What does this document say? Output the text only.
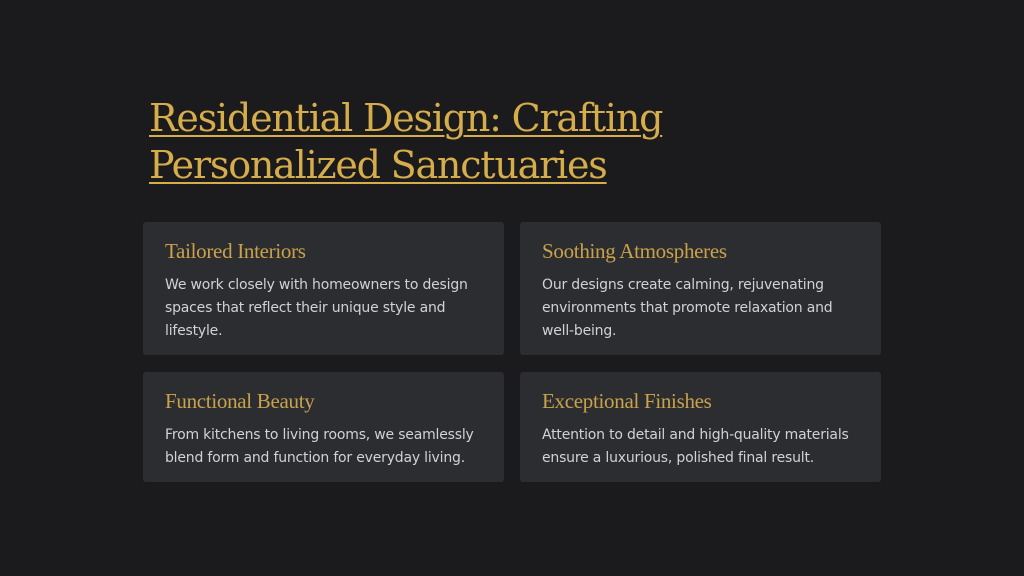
Residential Design: Crafting Personalized Sanctuaries
Tailored Interiors

We work closely with homeowners to design spaces that reflect their unique style and lifestyle.

Soothing Atmospheres

Our designs create calming, rejuvenating environments that promote relaxation and well-being.

Functional Beauty

From kitchens to living rooms, we seamlessly blend form and function for everyday living.

Exceptional Finishes

Attention to detail and high-quality materials ensure a luxurious, polished final result.
